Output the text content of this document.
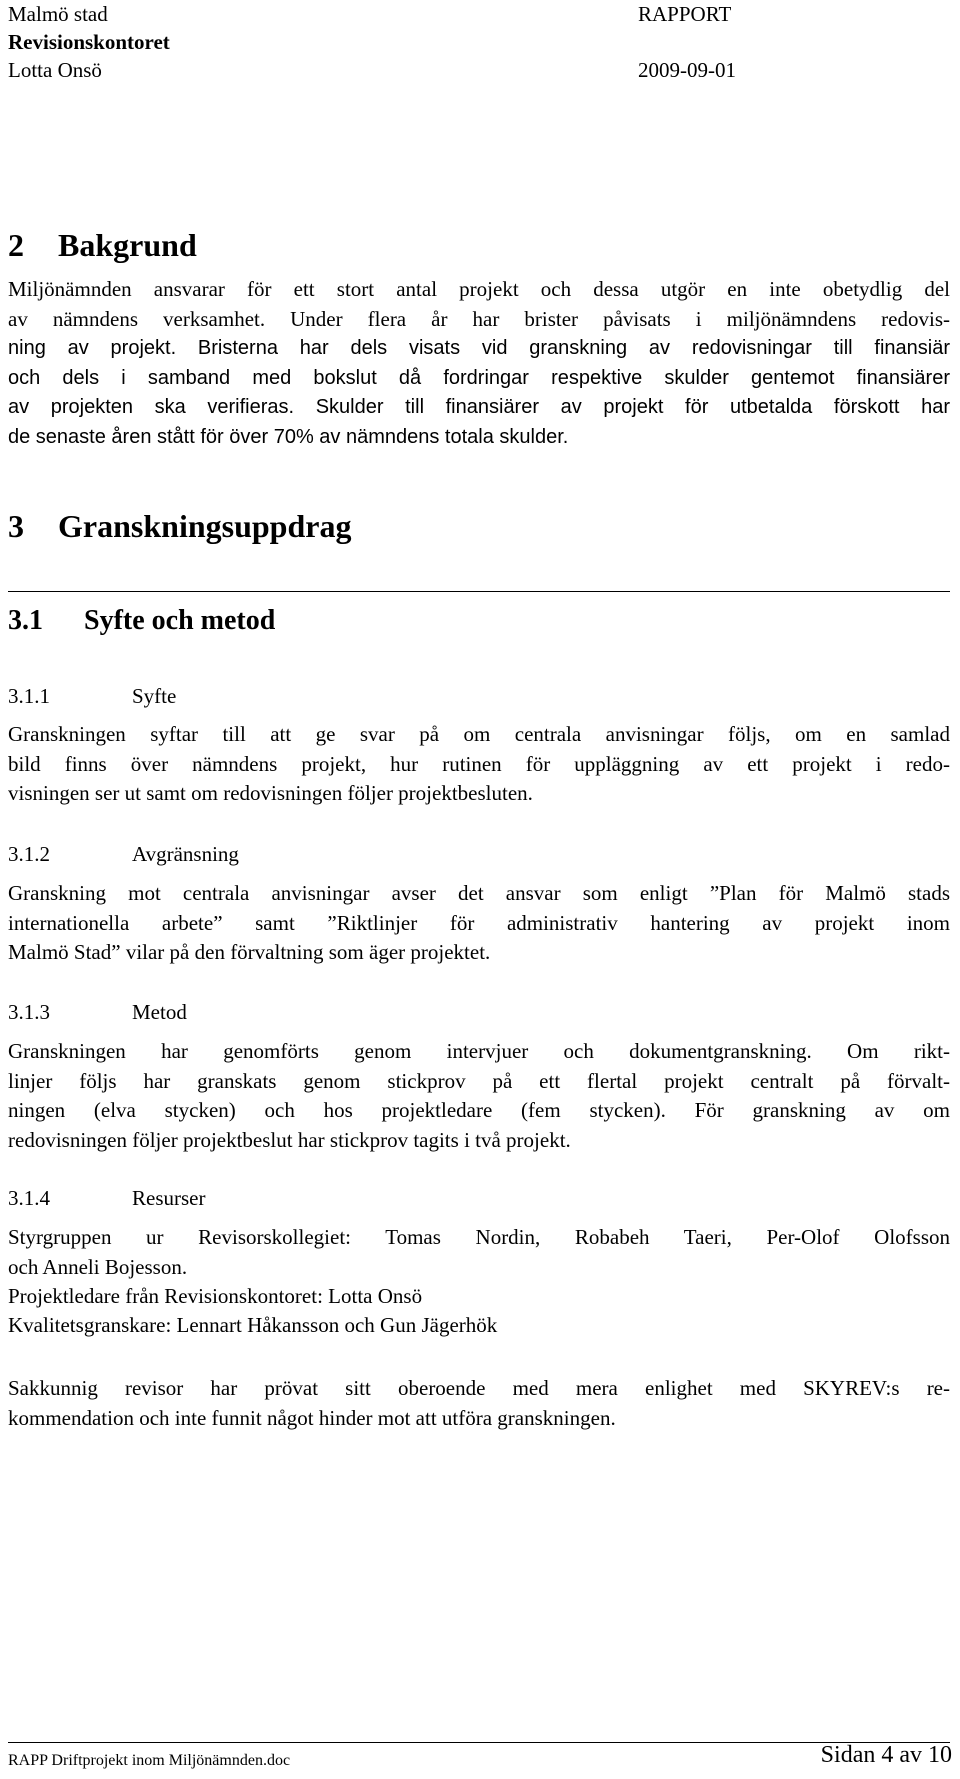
Malmö stad	RAPPORT
Revisionskontoret
Lotta Onsö	2009-09-01
2 Bakgrund
Miljönämnden ansvarar för ett stort antal projekt och dessa utgör en inte obetydlig del
av nämndens verksamhet. Under flera år har brister påvisats i miljönämndens redovis-
ning av projekt. Bristerna har dels visats vid granskning av redovisningar till finansiär
och dels i samband med bokslut då fordringar respektive skulder gentemot finansiärer
av projekten ska verifieras. Skulder till finansiärer av projekt för utbetalda förskott har
de senaste åren stått för över 70% av nämndens totala skulder.
3 Granskningsuppdrag
3.1 Syfte och metod
3.1.1	Syfte
Granskningen syftar till att ge svar på om centrala anvisningar följs, om en samlad
bild finns över nämndens projekt, hur rutinen för uppläggning av ett projekt i redo-
visningen ser ut samt om redovisningen följer projektbesluten.
3.1.2	Avgränsning
Granskning mot centrala anvisningar avser det ansvar som enligt ”Plan för Malmö stads
internationella arbete” samt ”Riktlinjer för administrativ hantering av projekt inom
Malmö Stad” vilar på den förvaltning som äger projektet.
3.1.3	Metod
Granskningen har genomförts genom intervjuer och dokumentgranskning. Om rikt-
linjer följs har granskats genom stickprov på ett flertal projekt centralt på förvalt-
ningen (elva stycken) och hos projektledare (fem stycken). För granskning av om
redovisningen följer projektbeslut har stickprov tagits i två projekt.
3.1.4	Resurser
Styrgruppen ur Revisorskollegiet: Tomas Nordin, Robabeh Taeri, Per-Olof Olofsson
och Anneli Bojesson.
Projektledare från Revisionskontoret: Lotta Onsö
Kvalitetsgranskare: Lennart Håkansson och Gun Jägerhök
Sakkunnig revisor har prövat sitt oberoende med mera enlighet med SKYREV:s re-
kommendation och inte funnit något hinder mot att utföra granskningen.
RAPP Driftprojekt inom Miljönämnden.doc	Sidan 4 av 10
